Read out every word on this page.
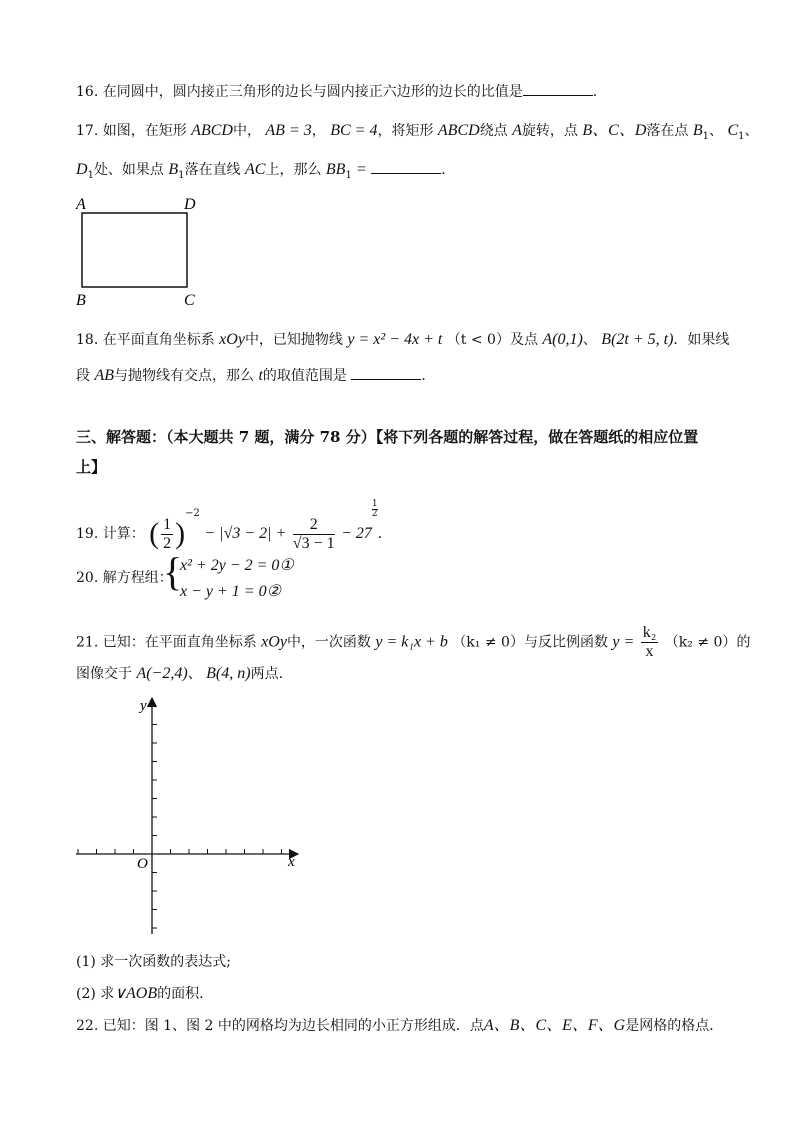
16. 在同圆中，圆内接正三角形的边长与圆内接正六边形的边长的比值是	.
17. 如图，在矩形 ABCD中， AB = 3， BC = 4，将矩形 ABCD绕点 A旋转，点 B、C、D落在点 $B_1$、 $C_1$、
$D_1$处、如果点 $B_1$落在直线 AC上，那么 $BB_1$ =	.
A	D
B	C
18. 在平面直角坐标系 xOy中，已知抛物线 y = x² − 4x + t （t < 0）及点 A(0,1)、 B(2t + 5, t)．如果线
段 AB与抛物线有交点，那么 t的取值范围是	.
三、解答题：（本大题共 7 题，满分 78 分）【将下列各题的解答过程，做在答题纸的相应位置
上】
19. 计算： ( $\frac{1}{2} )^{-2} - |√3 - 2| + \frac{2}{√3 - 1} - 27$
$\frac{1}{2}$
.
20. 解方程组：
{
x² + 2y − 2 = 0①
x − y + 1 = 0②
21. 已知：在平面直角坐标系 xOy中，一次函数 y = k₁x + b （k₁ ≠ 0）与反比例函数 $y = \frac{\text{k₂}}{x} (k_2 \ne 0)$的
图像交于 A(−2,4)、 B(4, n)两点.
y
x
O
(1) 求一次函数的表达式;
(2) 求∨AOB的面积.
22. 已知：图 1、图 2 中的网格均为边长相同的小正方形组成．点A、B、C、E、F、G是网格的格点.
